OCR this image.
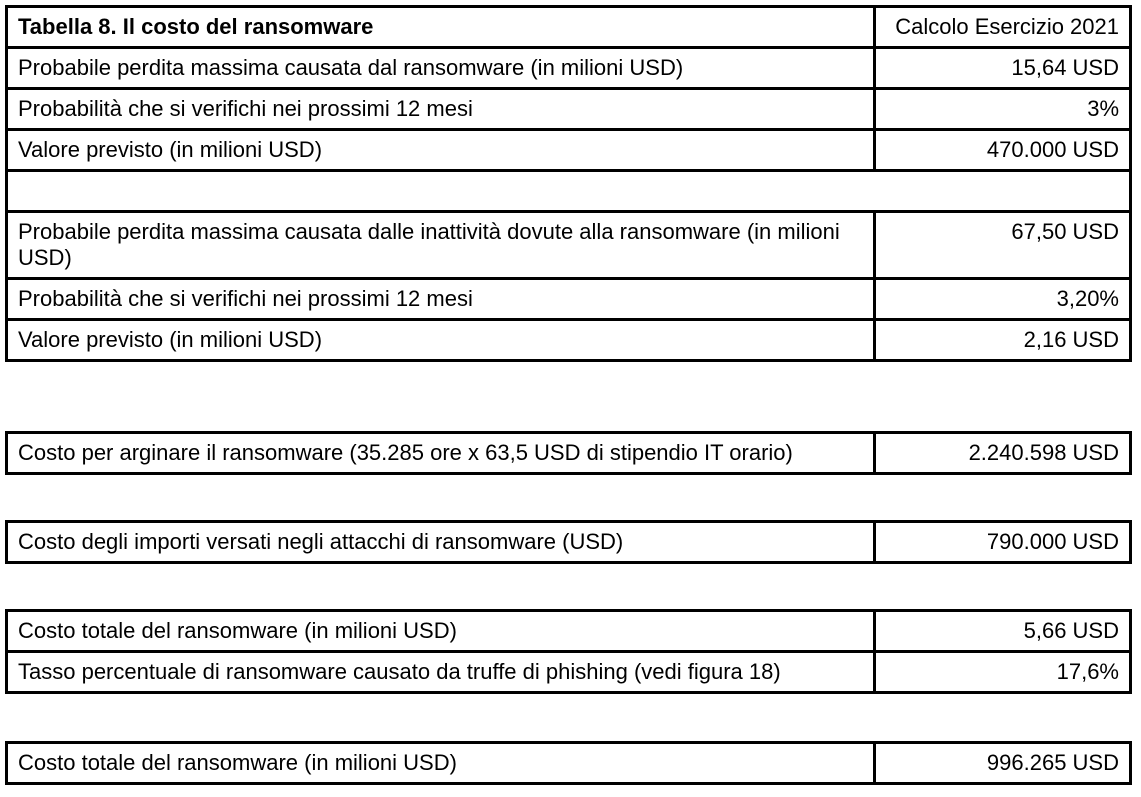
Tabella 8. Il costo del ransomware	Calcolo Esercizio 2021
Probabile perdita massima causata dal ransomware (in milioni USD)	15,64 USD
Probabilità che si verifichi nei prossimi 12 mesi	3%
Valore previsto (in milioni USD)	470.000 USD

Probabile perdita massima causata dalle inattività dovute alla ransomware (in milioni USD)	67,50 USD
Probabilità che si verifichi nei prossimi 12 mesi	3,20%
Valore previsto (in milioni USD)	2,16 USD
Costo per arginare il ransomware (35.285 ore x 63,5 USD di stipendio IT orario)	2.240.598 USD
Costo degli importi versati negli attacchi di ransomware (USD)	790.000 USD
Costo totale del ransomware (in milioni USD)	5,66 USD
Tasso percentuale di ransomware causato da truffe di phishing (vedi figura 18)	17,6%
Costo totale del ransomware (in milioni USD)	996.265 USD
